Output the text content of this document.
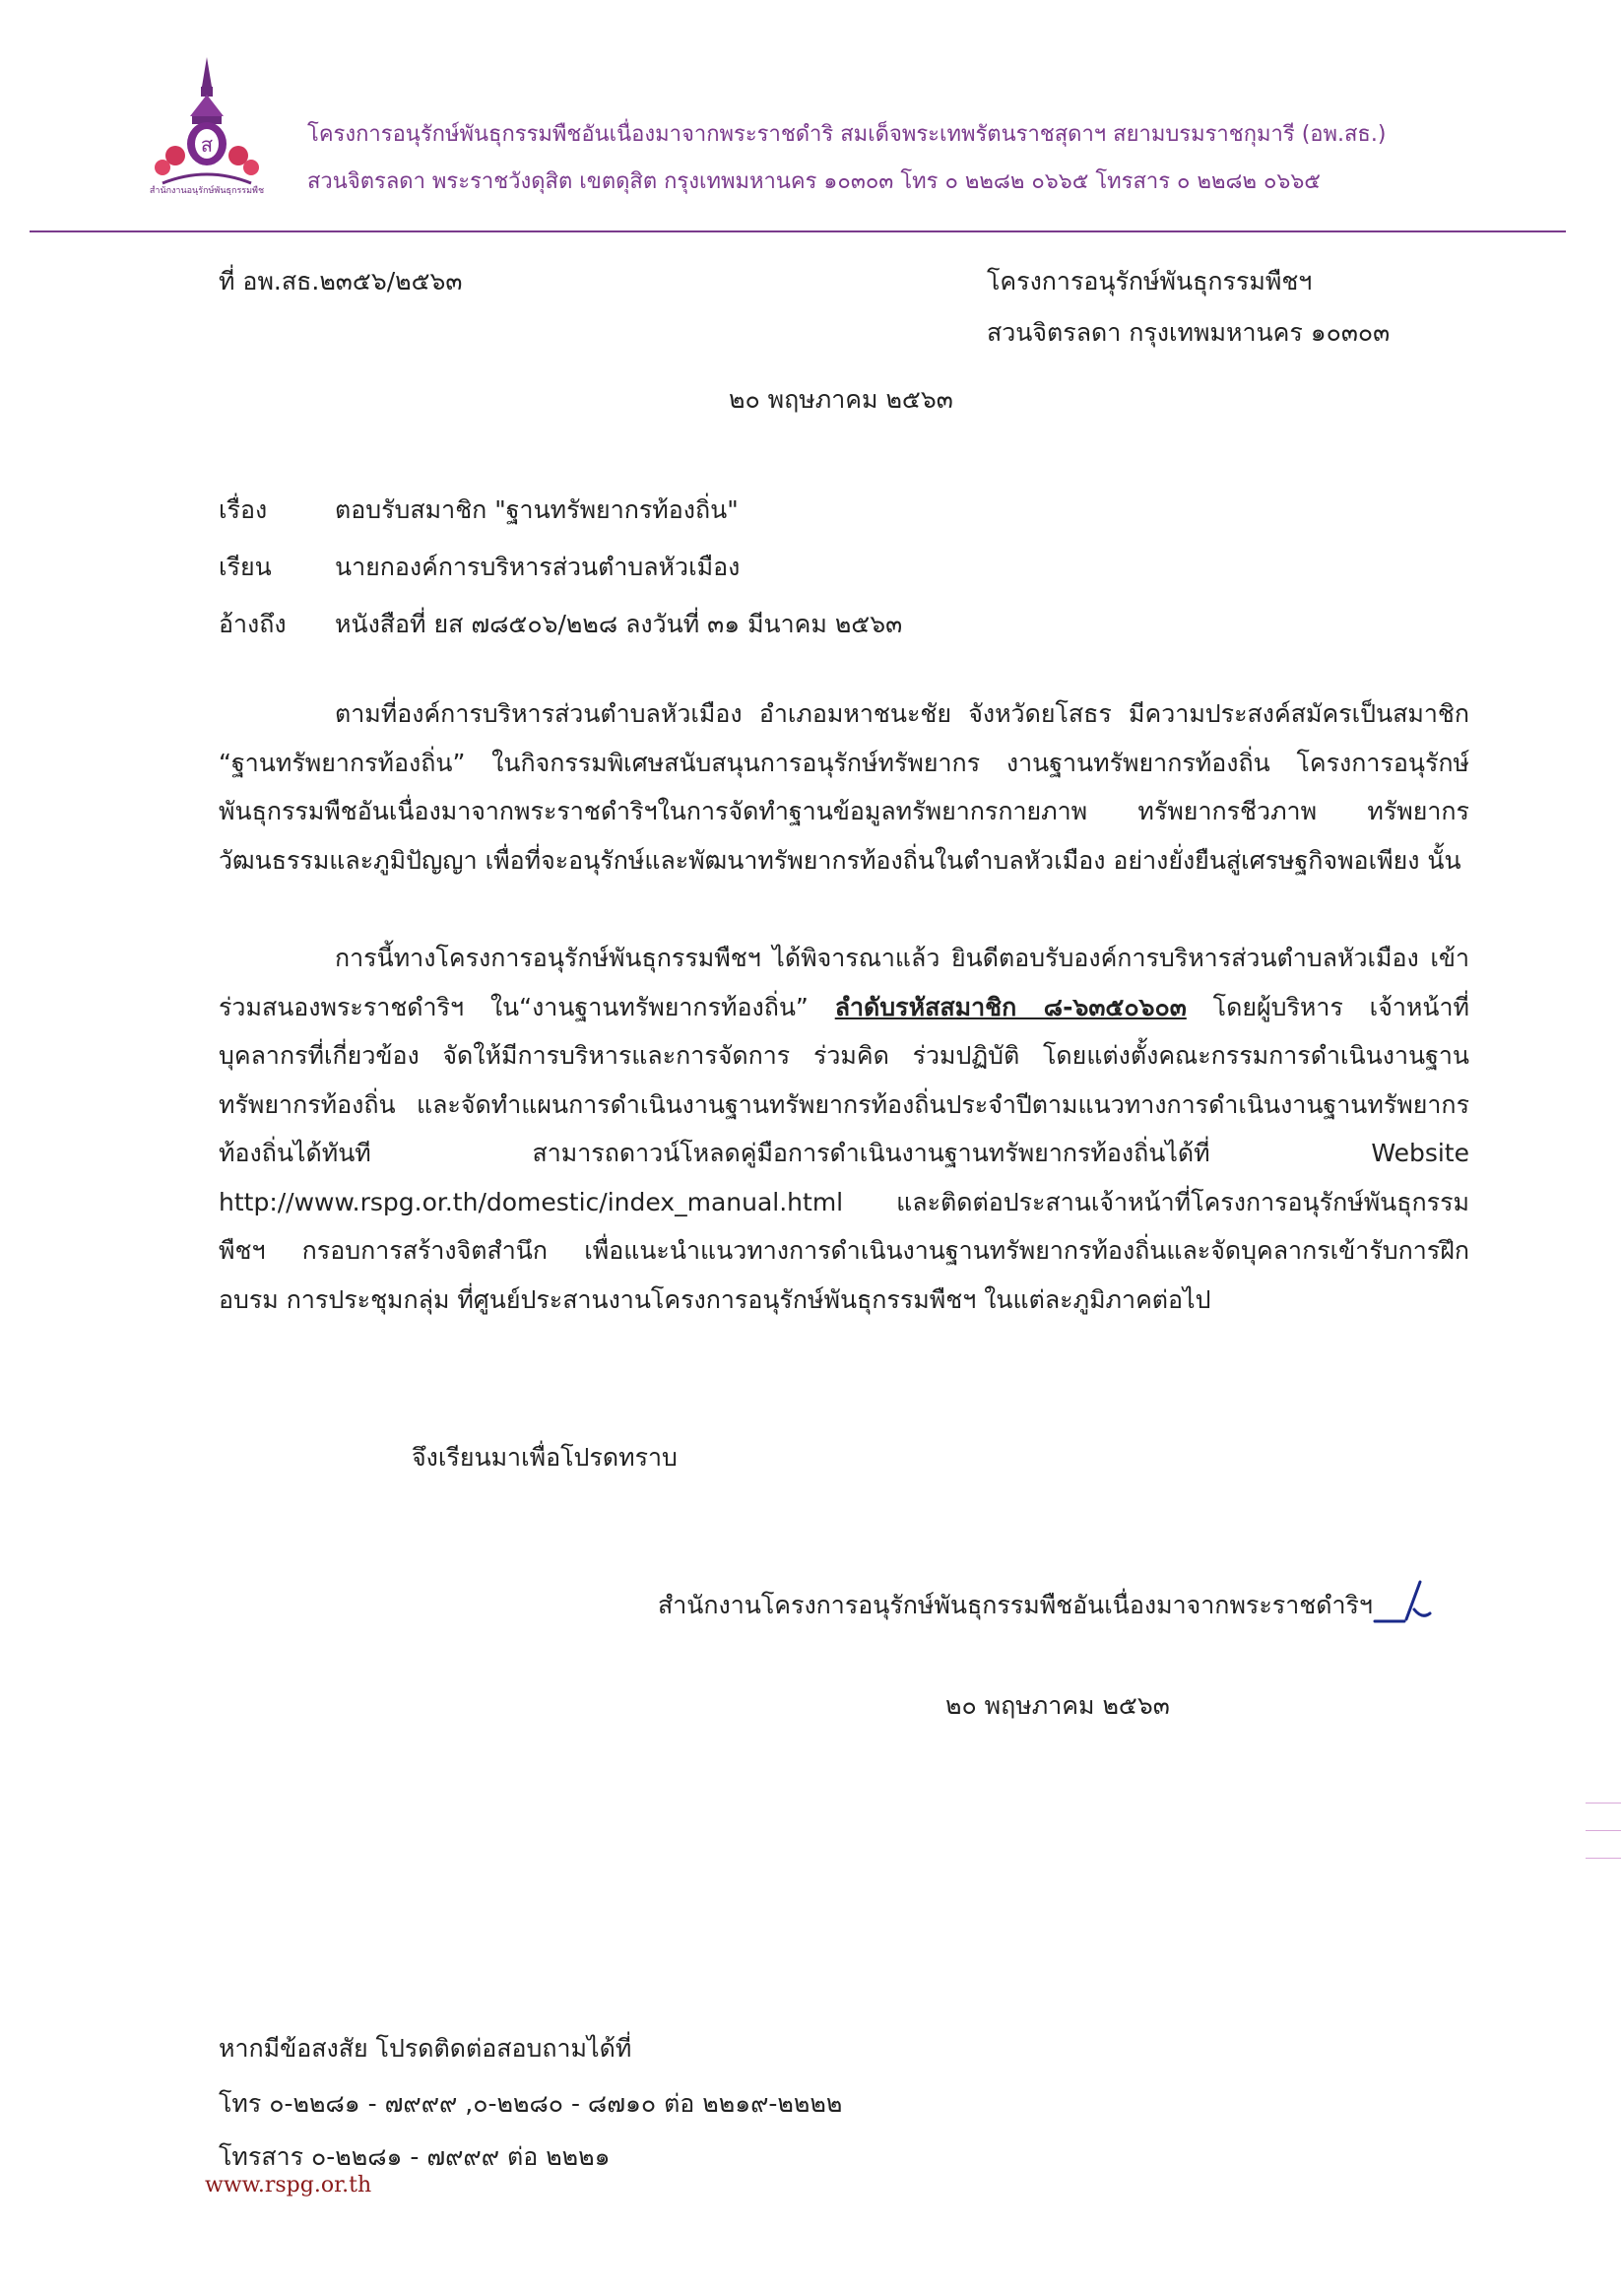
ส
สำนักงานอนุรักษ์พันธุกรรมพืช
โครงการอนุรักษ์พันธุกรรมพืชอันเนื่องมาจากพระราชดำริ สมเด็จพระเทพรัตนราชสุดาฯ สยามบรมราชกุมารี (อพ.สธ.)
สวนจิตรลดา พระราชวังดุสิต เขตดุสิต กรุงเทพมหานคร ๑๐๓๐๓ โทร ๐ ๒๒๘๒ ๐๖๖๕ โทรสาร ๐ ๒๒๘๒ ๐๖๖๕
ที่ อพ.สธ.๒๓๕๖/๒๕๖๓	โครงการอนุรักษ์พันธุกรรมพืชฯ
สวนจิตรลดา กรุงเทพมหานคร ๑๐๓๐๓
๒๐ พฤษภาคม ๒๕๖๓
เรื่อง	ตอบรับสมาชิก "ฐานทรัพยากรท้องถิ่น"
เรียน	นายกองค์การบริหารส่วนตำบลหัวเมือง
อ้างถึง หนังสือที่ ยส ๗๘๕๐๖/๒๒๘ ลงวันที่ ๓๑ มีนาคม ๒๕๖๓

ตามที่องค์การบริหารส่วนตำบลหัวเมือง อำเภอมหาชนะชัย จังหวัดยโสธร มีความประสงค์สมัครเป็นสมาชิก “ฐานทรัพยากรท้องถิ่น” ในกิจกรรมพิเศษสนับสนุนการอนุรักษ์ทรัพยากร งานฐานทรัพยากรท้องถิ่น โครงการอนุรักษ์พันธุกรรมพืชอันเนื่องมาจากพระราชดำริฯในการจัดทำฐานข้อมูลทรัพยากรกายภาพ ทรัพยากรชีวภาพ ทรัพยากรวัฒนธรรมและภูมิปัญญา เพื่อที่จะอนุรักษ์และพัฒนาทรัพยากรท้องถิ่นในตำบลหัวเมือง อย่างยั่งยืนสู่เศรษฐกิจพอเพียง นั้น

การนี้ทางโครงการอนุรักษ์พันธุกรรมพืชฯ ได้พิจารณาแล้ว ยินดีตอบรับองค์การบริหารส่วนตำบลหัวเมือง เข้าร่วมสนองพระราชดำริฯ ใน“งานฐานทรัพยากรท้องถิ่น” ลำดับรหัสสมาชิก ๘-๖๓๕๐๖๐๓ โดยผู้บริหาร เจ้าหน้าที่ บุคลากรที่เกี่ยวข้อง จัดให้มีการบริหารและการจัดการ ร่วมคิด ร่วมปฏิบัติ โดยแต่งตั้งคณะกรรมการดำเนินงานฐานทรัพยากรท้องถิ่น และจัดทำแผนการดำเนินงานฐานทรัพยากรท้องถิ่นประจำปีตามแนวทางการดำเนินงานฐานทรัพยากรท้องถิ่นได้ทันที สามารถดาวน์โหลดคู่มือการดำเนินงานฐานทรัพยากรท้องถิ่นได้ที่ Website http://www.rspg.or.th/domestic/index_manual.html และติดต่อประสานเจ้าหน้าที่โครงการอนุรักษ์พันธุกรรมพืชฯ กรอบการสร้างจิตสำนึก เพื่อแนะนำแนวทางการดำเนินงานฐานทรัพยากรท้องถิ่นและจัดบุคลากรเข้ารับการฝึกอบรม การประชุมกลุ่ม ที่ศูนย์ประสานงานโครงการอนุรักษ์พันธุกรรมพืชฯ ในแต่ละภูมิภาคต่อไป

จึงเรียนมาเพื่อโปรดทราบ
สำนักงานโครงการอนุรักษ์พันธุกรรมพืชอันเนื่องมาจากพระราชดำริฯ
๒๐ พฤษภาคม ๒๕๖๓
หากมีข้อสงสัย โปรดติดต่อสอบถามได้ที่
โทร ๐-๒๒๘๑ - ๗๙๙๙ ,๐-๒๒๘๐ - ๘๗๑๐ ต่อ ๒๒๑๙-๒๒๒๒
โทรสาร ๐-๒๒๘๑ - ๗๙๙๙ ต่อ ๒๒๒๑
www.rspg.or.th
